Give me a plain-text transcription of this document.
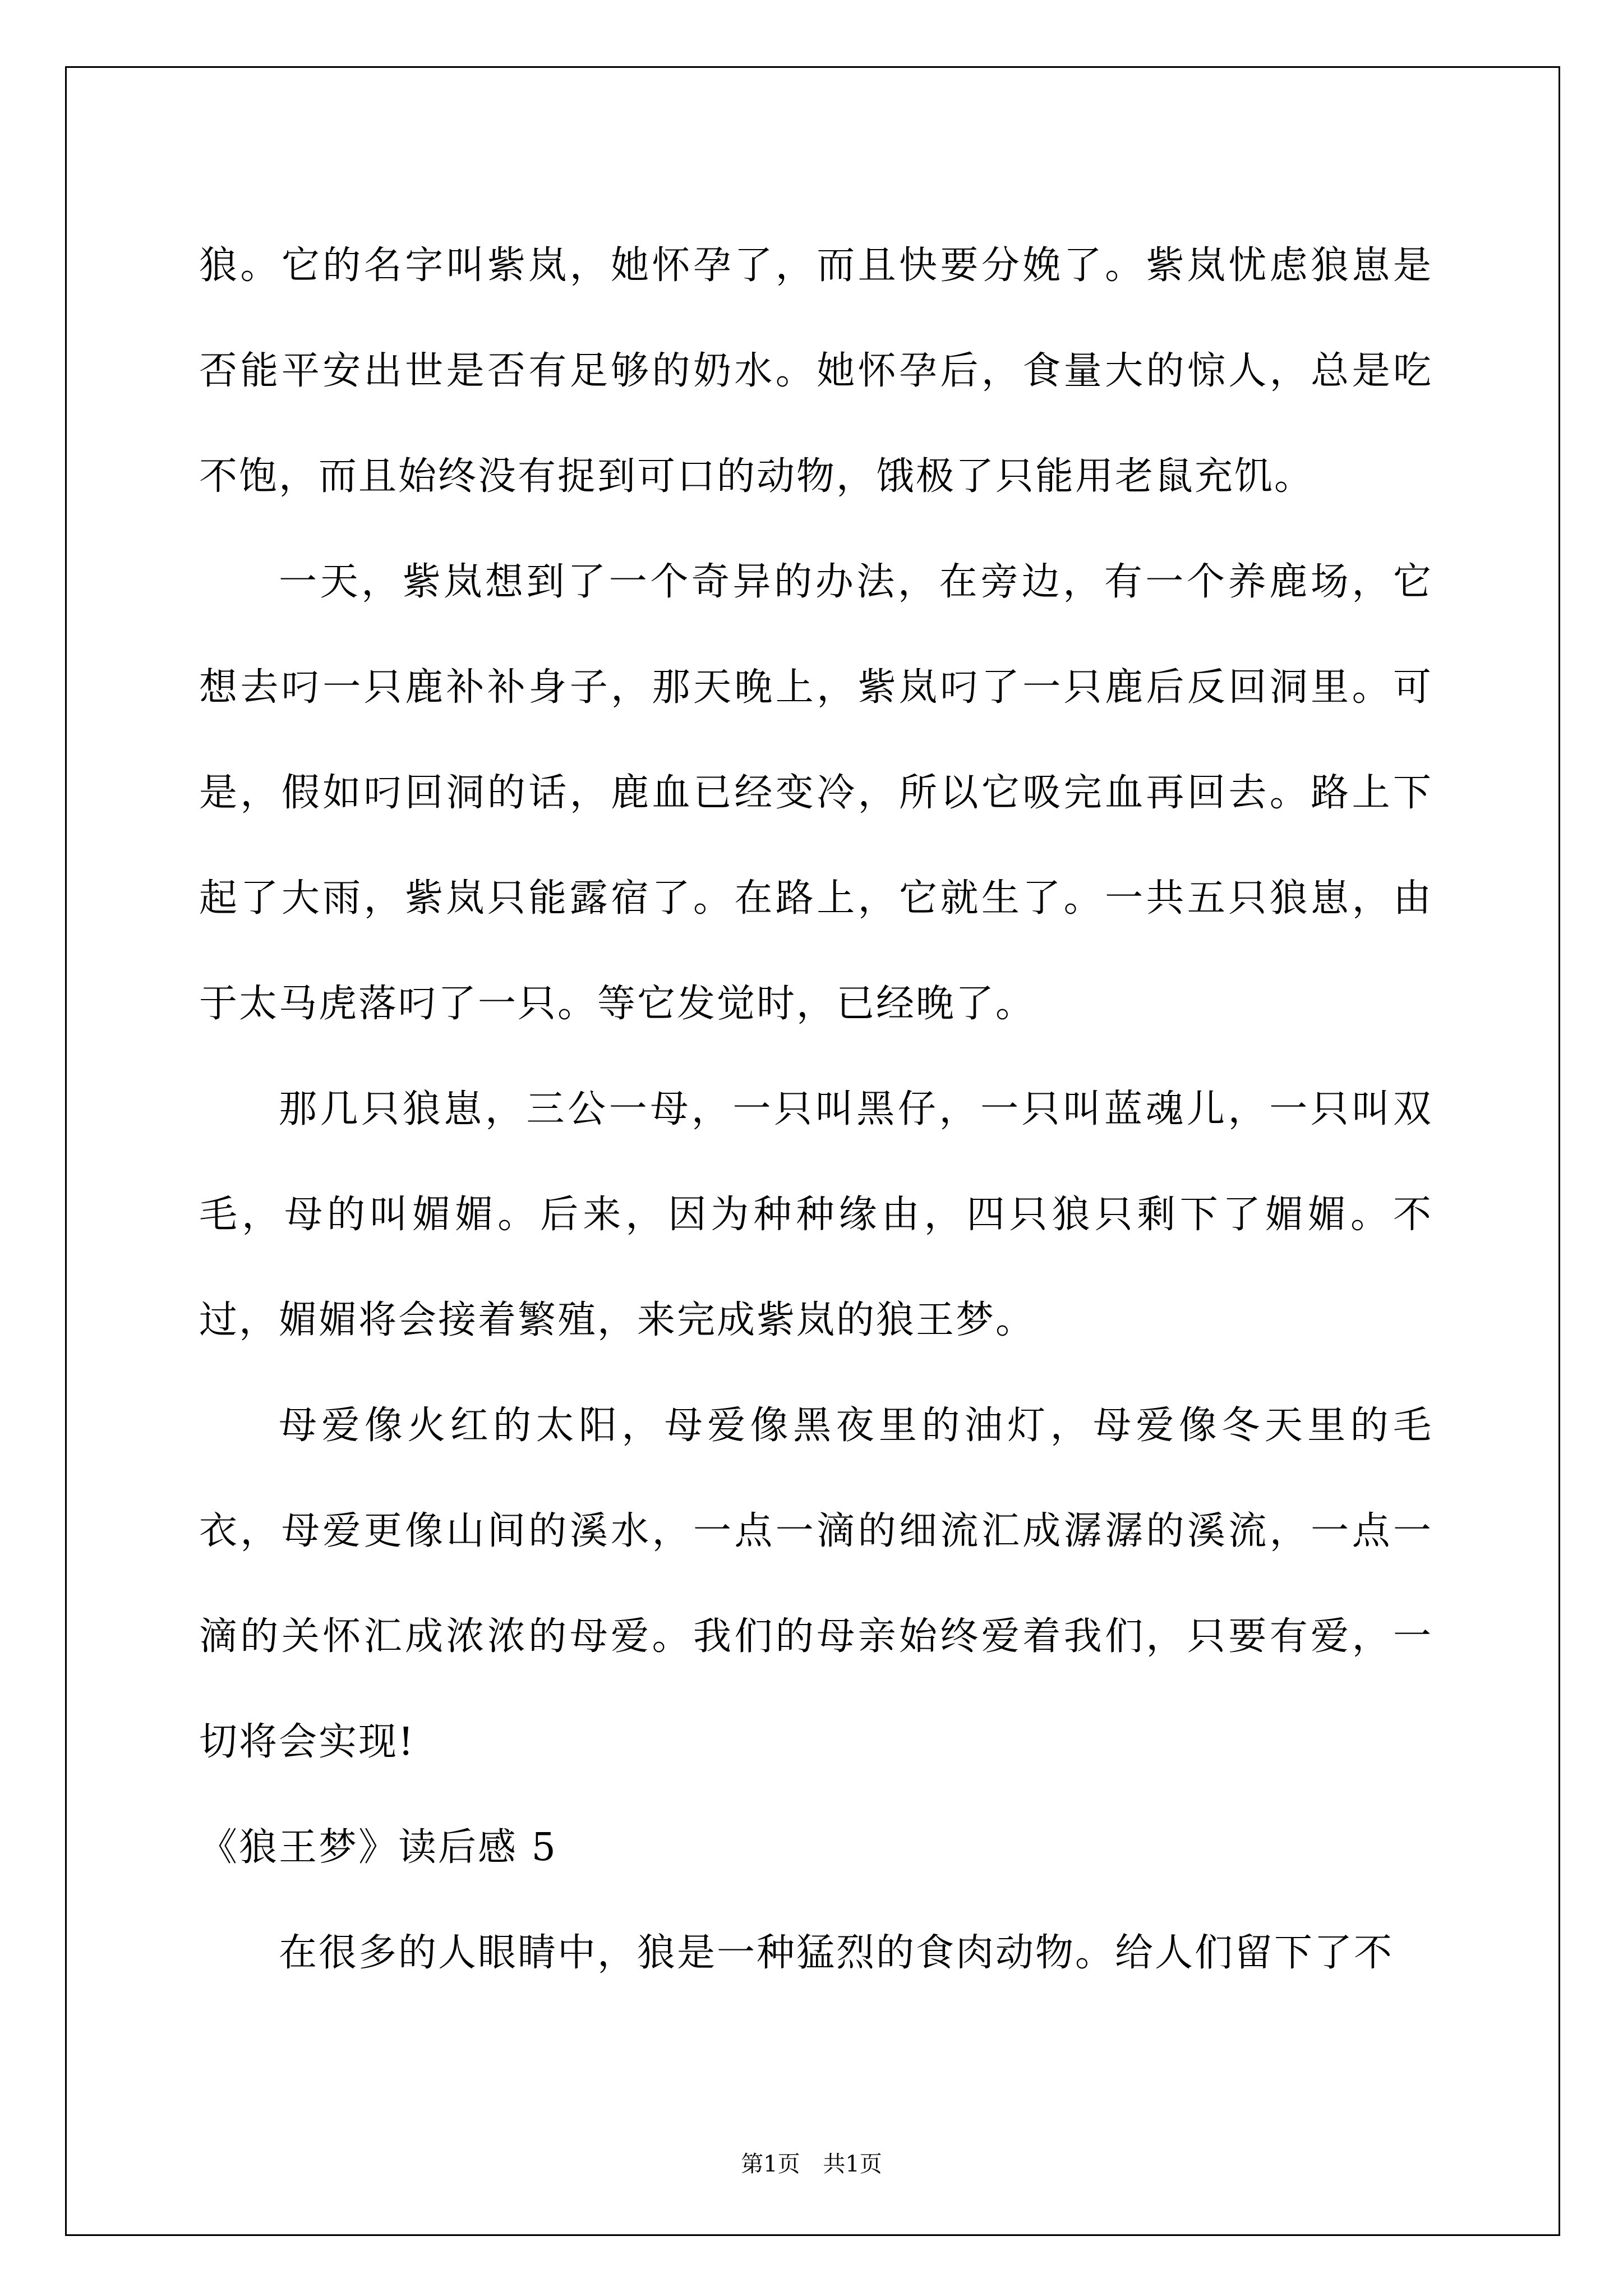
狼。它的名字叫紫岚，她怀孕了，而且快要分娩了。紫岚忧虑狼崽是否能平安出世是否有足够的奶水。她怀孕后，食量大的惊人，总是吃不饱，而且始终没有捉到可口的动物，饿极了只能用老鼠充饥。

一天，紫岚想到了一个奇异的办法，在旁边，有一个养鹿场，它想去叼一只鹿补补身子，那天晚上，紫岚叼了一只鹿后反回洞里。可是，假如叼回洞的话，鹿血已经变冷，所以它吸完血再回去。路上下起了大雨，紫岚只能露宿了。在路上，它就生了。一共五只狼崽，由于太马虎落叼了一只。等它发觉时，已经晚了。

那几只狼崽，三公一母，一只叫黑仔，一只叫蓝魂儿，一只叫双毛，母的叫媚媚。后来，因为种种缘由，四只狼只剩下了媚媚。不过，媚媚将会接着繁殖，来完成紫岚的狼王梦。

母爱像火红的太阳，母爱像黑夜里的油灯，母爱像冬天里的毛衣，母爱更像山间的溪水，一点一滴的细流汇成潺潺的溪流，一点一滴的关怀汇成浓浓的母爱。我们的母亲始终爱着我们，只要有爱，一切将会实现!

《狼王梦》读后感 5

在很多的人眼睛中，狼是一种猛烈的食肉动物。给人们留下了不

第1页 共1页
